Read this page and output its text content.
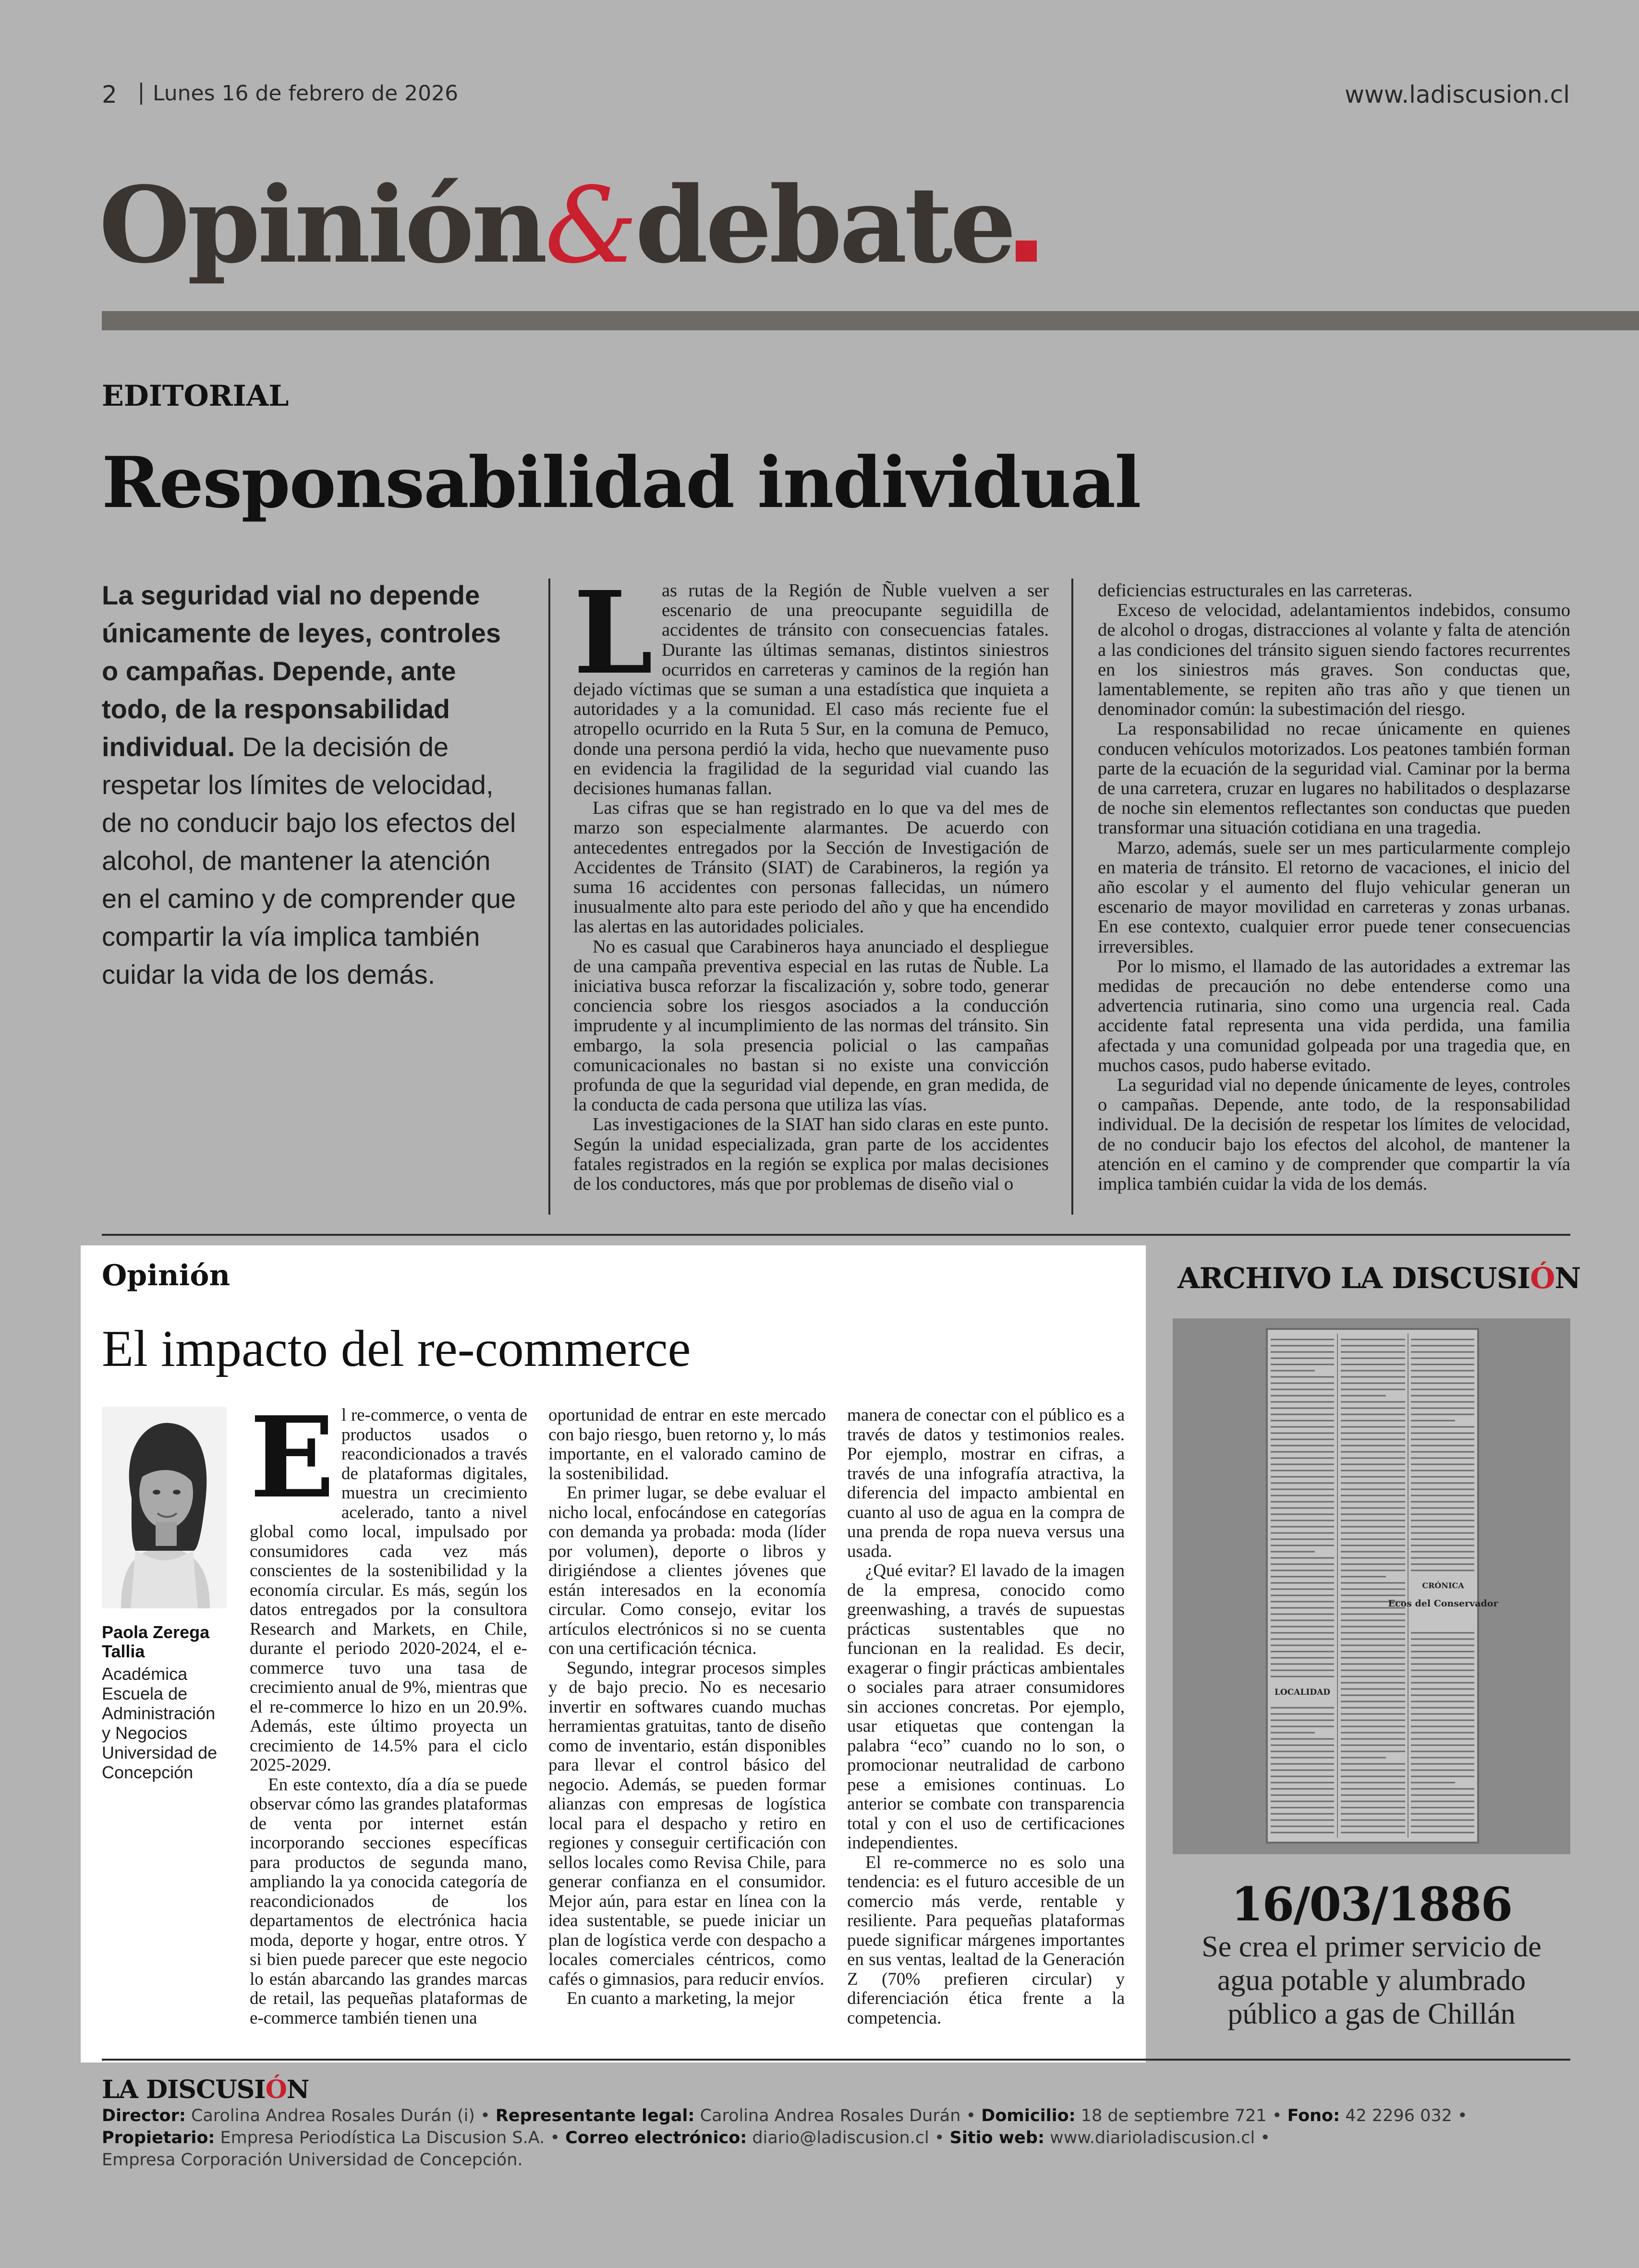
2	Lunes 16 de febrero de 2026	www.ladiscusion.cl
Opinión&debate
EDITORIAL
Responsabilidad individual
La seguridad vial no depende únicamente de leyes, controles o campañas. Depende, ante todo, de la responsabilidad individual. De la decisión de respetar los límites de velocidad, de no conducir bajo los efectos del alcohol, de mantener la atención en el camino y de comprender que compartir la vía implica también cuidar la vida de los demás.
L as rutas de la Región de Ñuble vuelven a ser escenario de una preocupante seguidilla de accidentes de tránsito con consecuencias fatales. Durante las últimas semanas, distintos siniestros ocurridos en carreteras y caminos de la región han dejado víctimas que se suman a una estadística que inquieta a autoridades y a la comunidad. El caso más reciente fue el atropello ocurrido en la Ruta 5 Sur, en la comuna de Pemuco, donde una persona perdió la vida, hecho que nuevamente puso en evidencia la fragilidad de la seguridad vial cuando las decisiones humanas fallan.

Las cifras que se han registrado en lo que va del mes de marzo son especialmente alarmantes. De acuerdo con antecedentes entregados por la Sección de Investigación de Accidentes de Tránsito (SIAT) de Carabineros, la región ya suma 16 accidentes con personas fallecidas, un número inusualmente alto para este periodo del año y que ha encendido las alertas en las autoridades policiales.

No es casual que Carabineros haya anunciado el despliegue de una campaña preventiva especial en las rutas de Ñuble. La iniciativa busca reforzar la fiscalización y, sobre todo, generar conciencia sobre los riesgos asociados a la conducción imprudente y al incumplimiento de las normas del tránsito. Sin embargo, la sola presencia policial o las campañas comunicacionales no bastan si no existe una convicción profunda de que la seguridad vial depende, en gran medida, de la conducta de cada persona que utiliza las vías.

Las investigaciones de la SIAT han sido claras en este punto. Según la unidad especializada, gran parte de los accidentes fatales registrados en la región se explica por malas decisiones de los conductores, más que por problemas de diseño vial o

deficiencias estructurales en las carreteras.

Exceso de velocidad, adelantamientos indebidos, consumo de alcohol o drogas, distracciones al volante y falta de atención a las condiciones del tránsito siguen siendo factores recurrentes en los siniestros más graves. Son conductas que, lamentablemente, se repiten año tras año y que tienen un denominador común: la subestimación del riesgo.

La responsabilidad no recae únicamente en quienes conducen vehículos motorizados. Los peatones también forman parte de la ecuación de la seguridad vial. Caminar por la berma de una carretera, cruzar en lugares no habilitados o desplazarse de noche sin elementos reflectantes son conductas que pueden transformar una situación cotidiana en una tragedia.

Marzo, además, suele ser un mes particularmente complejo en materia de tránsito. El retorno de vacaciones, el inicio del año escolar y el aumento del flujo vehicular generan un escenario de mayor movilidad en carreteras y zonas urbanas. En ese contexto, cualquier error puede tener consecuencias irreversibles.

Por lo mismo, el llamado de las autoridades a extremar las medidas de precaución no debe entenderse como una advertencia rutinaria, sino como una urgencia real. Cada accidente fatal representa una vida perdida, una familia afectada y una comunidad golpeada por una tragedia que, en muchos casos, pudo haberse evitado.

La seguridad vial no depende únicamente de leyes, controles o campañas. Depende, ante todo, de la responsabilidad individual. De la decisión de respetar los límites de velocidad, de no conducir bajo los efectos del alcohol, de mantener la atención en el camino y de comprender que compartir la vía implica también cuidar la vida de los demás.

Opinión
El impacto del re-commerce
Paola Zerega Tallia
Académica Escuela de Administración y Negocios Universidad de Concepción
E l re-commerce, o venta de productos usados o reacondicionados a través de plataformas digitales, muestra un crecimiento acelerado, tanto a nivel global como local, impulsado por consumidores cada vez más conscientes de la sostenibilidad y la economía circular. Es más, según los datos entregados por la consultora Research and Markets, en Chile, durante el periodo 2020-2024, el e-commerce tuvo una tasa de crecimiento anual de 9%, mientras que el re-commerce lo hizo en un 20.9%. Además, este último proyecta un crecimiento de 14.5% para el ciclo 2025-2029.

En este contexto, día a día se puede observar cómo las grandes plataformas de venta por internet están incorporando secciones específicas para productos de segunda mano, ampliando la ya conocida categoría de reacondicionados de los departamentos de electrónica hacia moda, deporte y hogar, entre otros. Y si bien puede parecer que este negocio lo están abarcando las grandes marcas de retail, las pequeñas plataformas de e-commerce también tienen una

oportunidad de entrar en este mercado con bajo riesgo, buen retorno y, lo más importante, en el valorado camino de la sostenibilidad.

En primer lugar, se debe evaluar el nicho local, enfocándose en categorías con demanda ya probada: moda (líder por volumen), deporte o libros y dirigiéndose a clientes jóvenes que están interesados en la economía circular. Como consejo, evitar los artículos electrónicos si no se cuenta con una certificación técnica.

Segundo, integrar procesos simples y de bajo precio. No es necesario invertir en softwares cuando muchas herramientas gratuitas, tanto de diseño como de inventario, están disponibles para llevar el control básico del negocio. Además, se pueden formar alianzas con empresas de logística local para el despacho y retiro en regiones y conseguir certificación con sellos locales como Revisa Chile, para generar confianza en el consumidor. Mejor aún, para estar en línea con la idea sustentable, se puede iniciar un plan de logística verde con despacho a locales comerciales céntricos, como cafés o gimnasios, para reducir envíos.

En cuanto a marketing, la mejor

manera de conectar con el público es a través de datos y testimonios reales. Por ejemplo, mostrar en cifras, a través de una infografía atractiva, la diferencia del impacto ambiental en cuanto al uso de agua en la compra de una prenda de ropa nueva versus una usada.

¿Qué evitar? El lavado de la imagen de la empresa, conocido como greenwashing, a través de supuestas prácticas sustentables que no funcionan en la realidad. Es decir, exagerar o fingir prácticas ambientales o sociales para atraer consumidores sin acciones concretas. Por ejemplo, usar etiquetas que contengan la palabra “eco” cuando no lo son, o promocionar neutralidad de carbono pese a emisiones continuas. Lo anterior se combate con transparencia total y con el uso de certificaciones independientes.

El re-commerce no es solo una tendencia: es el futuro accesible de un comercio más verde, rentable y resiliente. Para pequeñas plataformas puede significar márgenes importantes en sus ventas, lealtad de la Generación Z (70% prefieren circular) y diferenciación ética frente a la competencia.

ARCHIVO LA DISCUSIÓN
CRÓNICA
Ecos del Conservador
LOCALIDAD
16/03/1886
Se crea el primer servicio de agua potable y alumbrado público a gas de Chillán
LA DISCUSIÓN
Director: Carolina Andrea Rosales Durán (i) • Representante legal: Carolina Andrea Rosales Durán • Domicilio: 18 de septiembre 721 • Fono: 42 2296 032 •
Propietario: Empresa Periodística La Discusion S.A. • Correo electrónico: diario@ladiscusion.cl • Sitio web: www.diarioladiscusion.cl •
Empresa Corporación Universidad de Concepción.
